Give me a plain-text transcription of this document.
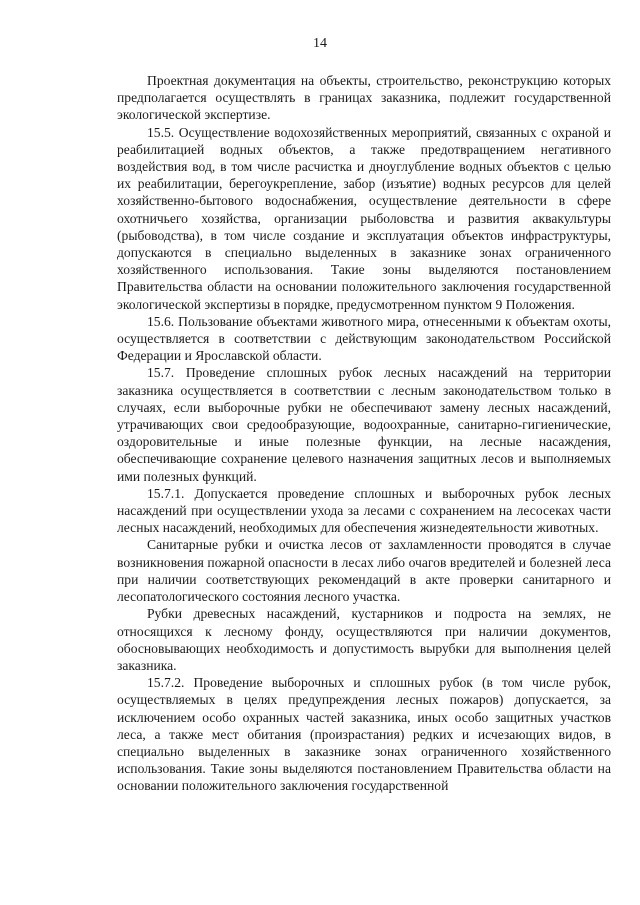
14

Проектная документация на объекты, строительство, реконструкцию которых предполагается осуществлять в границах заказника, подлежит государственной экологической экспертизе.

15.5. Осуществление водохозяйственных мероприятий, связанных с охраной и реабилитацией водных объектов, а также предотвращением негативного воздействия вод, в том числе расчистка и дноуглубление водных объектов с целью их реабилитации, берегоукрепление, забор (изъятие) водных ресурсов для целей хозяйственно-бытового водоснабжения, осуществление деятельности в сфере охотничьего хозяйства, организации рыболовства и развития аквакультуры (рыбоводства), в том числе создание и эксплуатация объектов инфраструктуры, допускаются в специально выделенных в заказнике зонах ограниченного хозяйственного использования. Такие зоны выделяются постановлением Правительства области на основании положительного заключения государственной экологической экспертизы в порядке, предусмотренном пунктом 9 Положения.

15.6. Пользование объектами животного мира, отнесенными к объектам охоты, осуществляется в соответствии с действующим законодательством Российской Федерации и Ярославской области.

15.7. Проведение сплошных рубок лесных насаждений на территории заказника осуществляется в соответствии с лесным законодательством только в случаях, если выборочные рубки не обеспечивают замену лесных насаждений, утрачивающих свои средообразующие, водоохранные, санитарно-гигиенические, оздоровительные и иные полезные функции, на лесные насаждения, обеспечивающие сохранение целевого назначения защитных лесов и выполняемых ими полезных функций.

15.7.1. Допускается проведение сплошных и выборочных рубок лесных насаждений при осуществлении ухода за лесами с сохранением на лесосеках части лесных насаждений, необходимых для обеспечения жизнедеятельности животных.

Санитарные рубки и очистка лесов от захламленности проводятся в случае возникновения пожарной опасности в лесах либо очагов вредителей и болезней леса при наличии соответствующих рекомендаций в акте проверки санитарного и лесопатологического состояния лесного участка.

Рубки древесных насаждений, кустарников и подроста на землях, не относящихся к лесному фонду, осуществляются при наличии документов, обосновывающих необходимость и допустимость вырубки для выполнения целей заказника.

15.7.2. Проведение выборочных и сплошных рубок (в том числе рубок, осуществляемых в целях предупреждения лесных пожаров) допускается, за исключением особо охранных частей заказника, иных особо защитных участков леса, а также мест обитания (произрастания) редких и исчезающих видов, в специально выделенных в заказнике зонах ограниченного хозяйственного использования. Такие зоны выделяются постановлением Правительства области на основании положительного заключения государственной
